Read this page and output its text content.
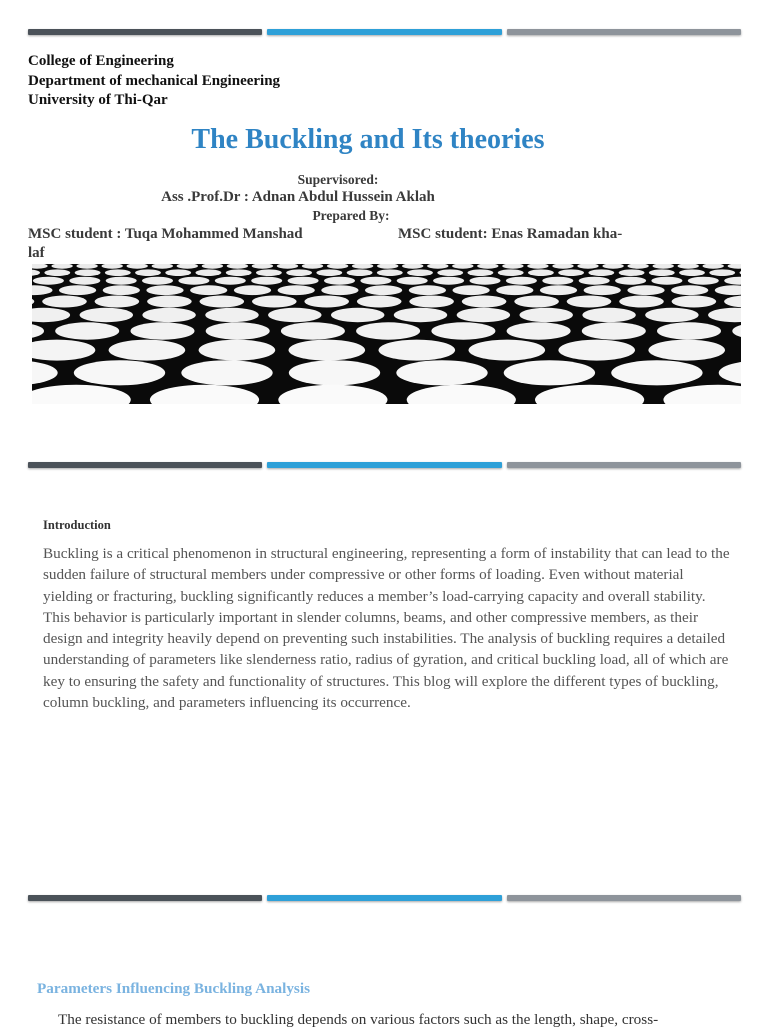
College of Engineering
Department of mechanical Engineering
University of Thi-Qar
The Buckling and Its theories
Supervisored:
Ass .Prof.Dr : Adnan Abdul Hussein Aklah
Prepared By:
MSC student : Tuqa Mohammed Manshad	MSC student: Enas Ramadan kha-
laf
Introduction
Buckling is a critical phenomenon in structural engineering, representing a form of instability that can lead to the sudden failure of structural members under compressive or other forms of loading. Even without material yielding or fracturing, buckling significantly reduces a member’s load-carrying capacity and overall stability. This behavior is particularly important in slender columns, beams, and other compressive members, as their design and integrity heavily depend on preventing such instabilities. The analysis of buckling requires a detailed understanding of parameters like slenderness ratio, radius of gyration, and critical buckling load, all of which are key to ensuring the safety and functionality of structures. This blog will explore the different types of buckling, column buckling, and parameters influencing its occurrence.
Parameters Influencing Buckling Analysis
The resistance of members to buckling depends on various factors such as the length, shape, cross-
